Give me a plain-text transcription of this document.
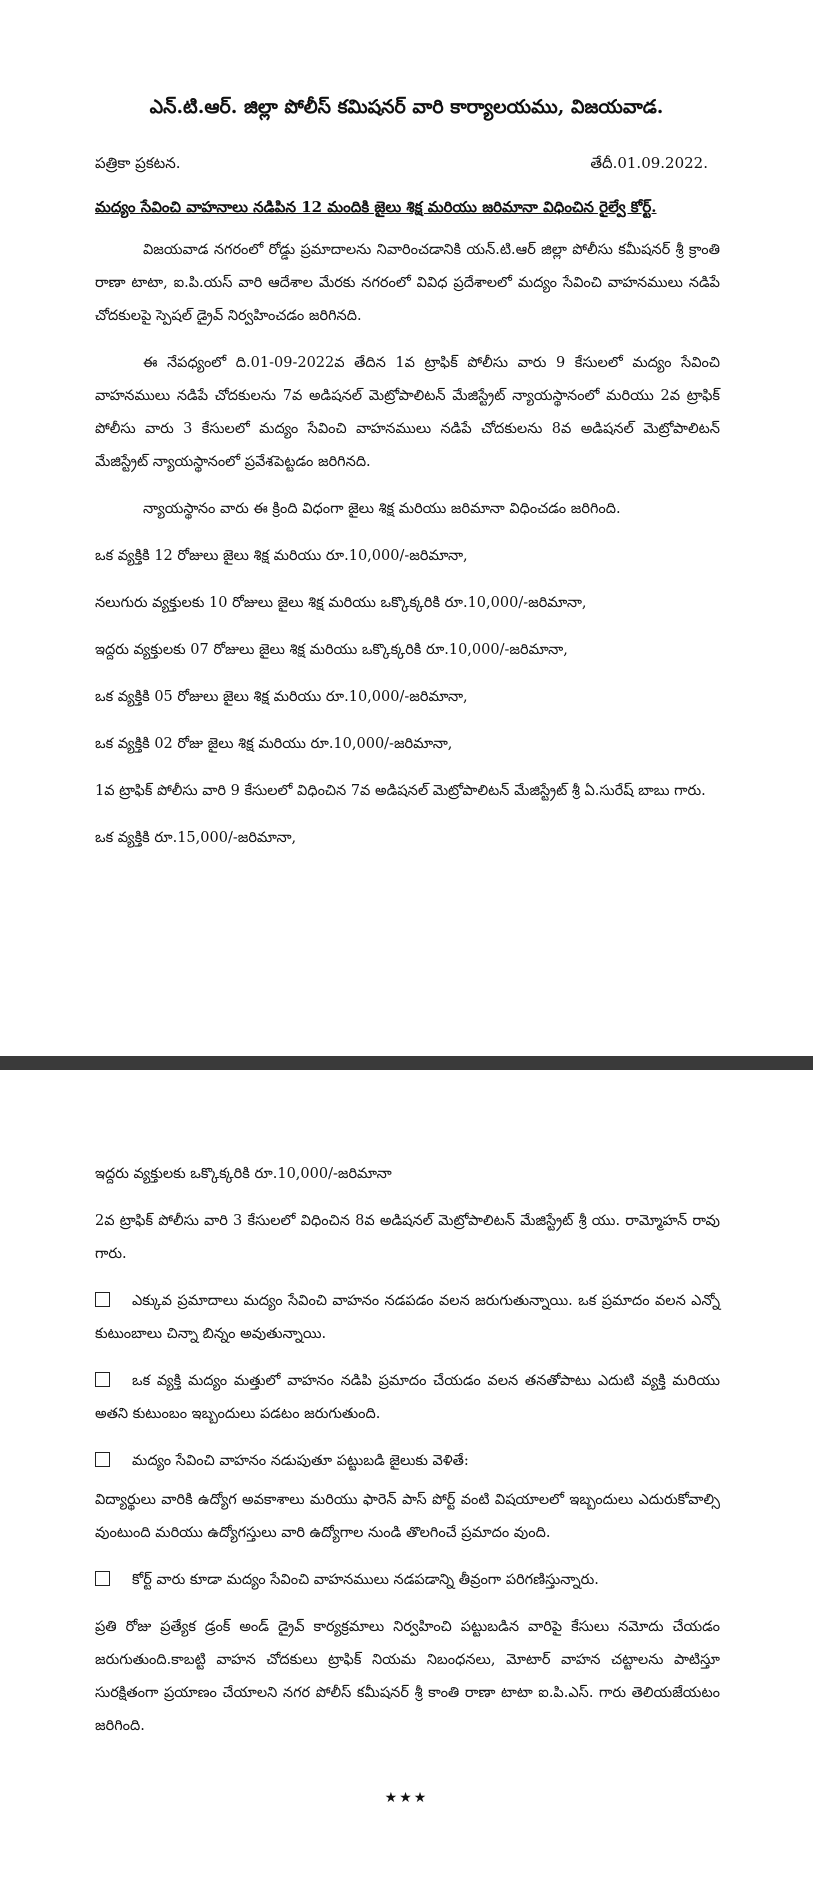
ఎన్.టి.ఆర్. జిల్లా పోలీస్ కమిషనర్ వారి కార్యాలయము, విజయవాడ.
పత్రికా ప్రకటన.	తేదీ.01.09.2022.
మద్యం సేవించి వాహనాలు నడిపిన 12 మందికి జైలు శిక్ష మరియు జరిమానా విధించిన రైల్వే కోర్ట్.

విజయవాడ నగరంలో రోడ్డు ప్రమాదాలను నివారించడానికి యన్.టి.ఆర్ జిల్లా పోలీసు కమీషనర్ శ్రీ క్రాంతి రాణా టాటా, ఐ.పి.యస్ వారి ఆదేశాల మేరకు నగరంలో వివిధ ప్రదేశాలలో మద్యం సేవించి వాహనములు నడిపే చోదకులపై స్పెషల్ డ్రైవ్ నిర్వహించడం జరిగినది.

ఈ నేపధ్యంలో ది.01-09-2022వ తేదిన 1వ ట్రాఫిక్ పోలీసు వారు 9 కేసులలో మద్యం సేవించి వాహనములు నడిపే చోదకులను 7వ అడిషనల్ మెట్రోపాలిటన్ మేజిస్ట్రేట్ న్యాయస్థానంలో మరియు 2వ ట్రాఫిక్ పోలీసు వారు 3 కేసులలో మద్యం సేవించి వాహనములు నడిపే చోదకులను 8వ అడిషనల్ మెట్రోపాలిటన్ మేజిస్ట్రేట్ న్యాయస్థానంలో ప్రవేశపెట్టడం జరిగినది.

న్యాయస్థానం వారు ఈ క్రింది విధంగా జైలు శిక్ష మరియు జరిమానా విధించడం జరిగింది.

ఒక వ్యక్తికి 12 రోజులు జైలు శిక్ష మరియు రూ.10,000/-జరిమానా,

నలుగురు వ్యక్తులకు 10 రోజులు జైలు శిక్ష మరియు ఒక్కొక్కరికి రూ.10,000/-జరిమానా,

ఇద్దరు వ్యక్తులకు 07 రోజులు జైలు శిక్ష మరియు ఒక్కొక్కరికి రూ.10,000/-జరిమానా,

ఒక వ్యక్తికి 05 రోజులు జైలు శిక్ష మరియు రూ.10,000/-జరిమానా,

ఒక వ్యక్తికి 02 రోజు జైలు శిక్ష మరియు రూ.10,000/-జరిమానా,

1వ ట్రాఫిక్ పోలీసు వారి 9 కేసులలో విధించిన 7వ అడిషనల్ మెట్రోపాలిటన్ మేజిస్ట్రేట్ శ్రీ ఏ.సురేష్ బాబు గారు.

ఒక వ్యక్తికి రూ.15,000/-జరిమానా,

ఇద్దరు వ్యక్తులకు ఒక్కొక్కరికి రూ.10,000/-జరిమానా

2వ ట్రాఫిక్ పోలీసు వారి 3 కేసులలో విధించిన 8వ అడిషనల్ మెట్రోపాలిటన్ మేజిస్ట్రేట్ శ్రీ యు. రామ్మోహన్ రావు గారు.

ఎక్కువ ప్రమాదాలు మద్యం సేవించి వాహనం నడపడం వలన జరుగుతున్నాయి. ఒక ప్రమాదం వలన ఎన్నో కుటుంబాలు చిన్నా బిన్నం అవుతున్నాయి.

ఒక వ్యక్తి మద్యం మత్తులో వాహనం నడిపి ప్రమాదం చేయడం వలన తనతోపాటు ఎదుటి వ్యక్తి మరియు అతని కుటుంబం ఇబ్బందులు పడటం జరుగుతుంది.

మద్యం సేవించి వాహనం నడుపుతూ పట్టుబడి జైలుకు వెళితే:

విద్యార్థులు వారికి ఉద్యోగ అవకాశాలు మరియు ఫారెన్ పాస్ పోర్ట్ వంటి విషయాలలో ఇబ్బందులు ఎదురుకోవాల్సి వుంటుంది మరియు ఉద్యోగస్తులు వారి ఉద్యోగాల నుండి తొలగించే ప్రమాదం వుంది.

కోర్ట్ వారు కూడా మద్యం సేవించి వాహనములు నడపడాన్ని తీవ్రంగా పరిగణిస్తున్నారు.

ప్రతి రోజు ప్రత్యేక డ్రంక్ అండ్ డ్రైవ్ కార్యక్రమాలు నిర్వహించి పట్టుబడిన వారిపై కేసులు నమోదు చేయడం జరుగుతుంది.కాబట్టి వాహన చోదకులు ట్రాఫిక్ నియమ నిబంధనలు, మోటార్ వాహన చట్టాలను పాటిస్తూ సురక్షితంగా ప్రయాణం చేయాలని నగర పోలీస్ కమీషనర్ శ్రీ కాంతి రాణా టాటా ఐ.పి.ఎస్. గారు తెలియజేయటం జరిగింది.

★★★
